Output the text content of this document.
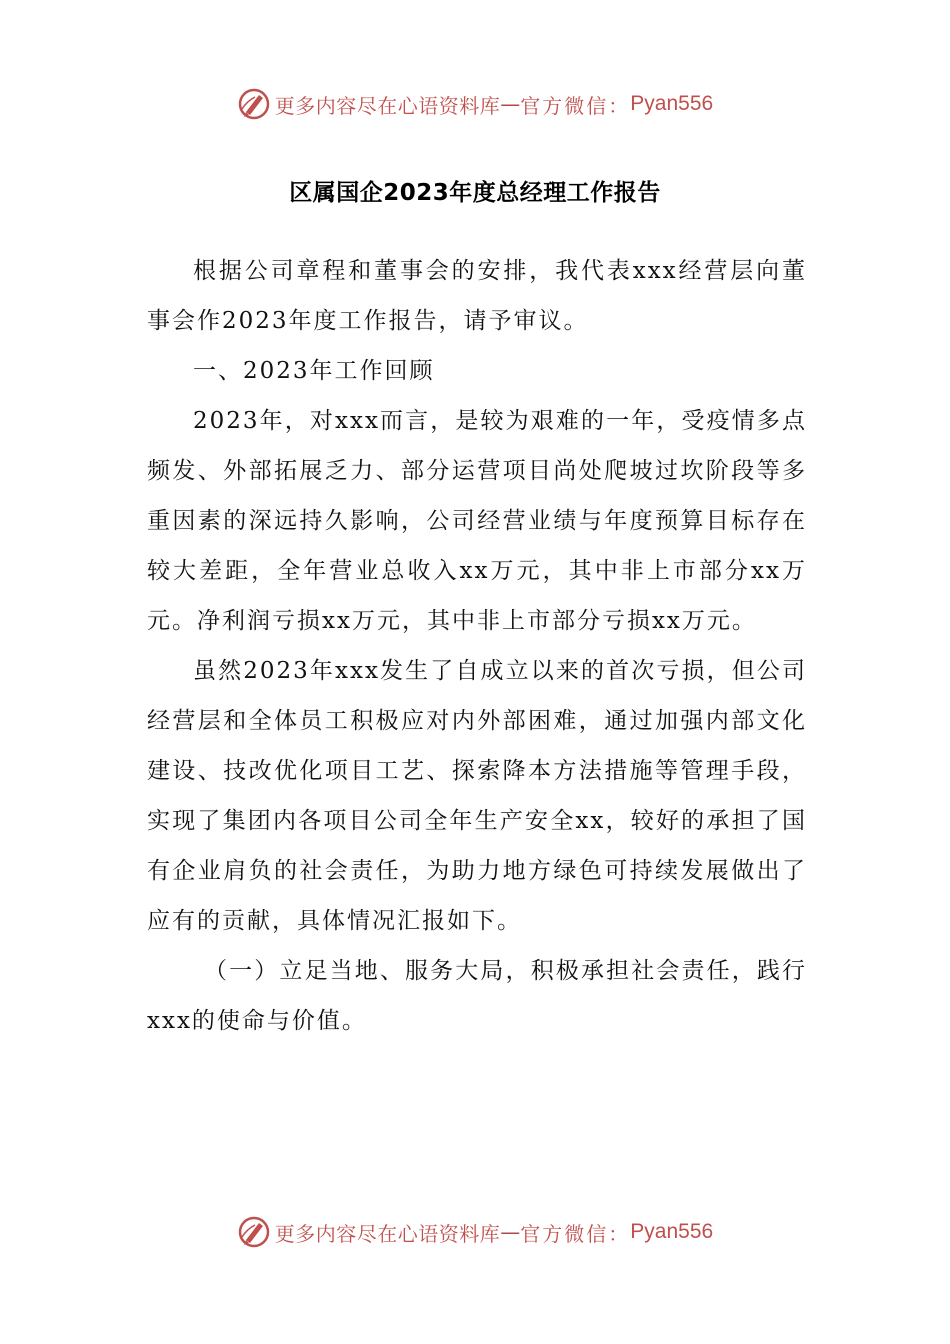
更多内容尽在心语资料库 — 官方微信： Pyan556
区属国企2023年度总经理工作报告

根据公司章程和董事会的安排，我代表xxx经营层向董事会作2023年度工作报告，请予审议。

一、2023年工作回顾

2023年，对xxx而言，是较为艰难的一年，受疫情多点频发、外部拓展乏力、部分运营项目尚处爬坡过坎阶段等多重因素的深远持久影响，公司经营业绩与年度预算目标存在较大差距，全年营业总收入xx万元，其中非上市部分xx万元。净利润亏损xx万元，其中非上市部分亏损xx万元。

虽然2023年xxx发生了自成立以来的首次亏损，但公司经营层和全体员工积极应对内外部困难，通过加强内部文化建设、技改优化项目工艺、探索降本方法措施等管理手段，实现了集团内各项目公司全年生产安全xx，较好的承担了国有企业肩负的社会责任，为助力地方绿色可持续发展做出了应有的贡献，具体情况汇报如下。

（一）立足当地、服务大局，积极承担社会责任，践行xxx的使命与价值。

更多内容尽在心语资料库 — 官方微信： Pyan556
